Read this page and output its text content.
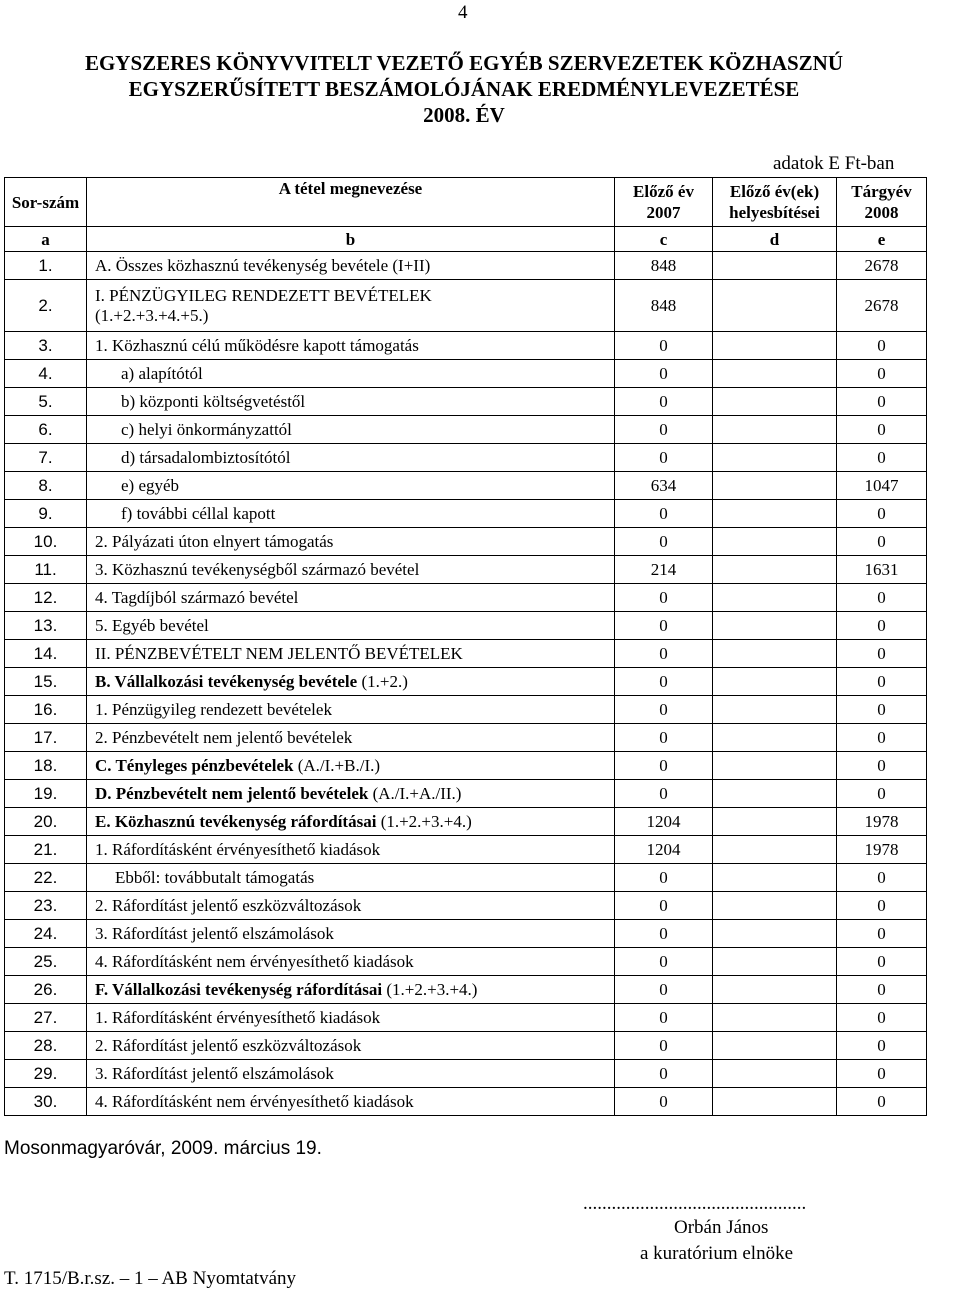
4
EGYSZERES KÖNYVVITELT VEZETŐ EGYÉB SZERVEZETEK KÖZHASZNÚ
EGYSZERŰSÍTETT BESZÁMOLÓJÁNAK EREDMÉNYLEVEZETÉSE
2008. ÉV
adatok E Ft-ban
Sor-szám	A tétel megnevezése	Előző év 2007	Előző év(ek) helyesbítései	Tárgyév 2008
a	b	c	d	e
1.	A. Összes közhasznú tevékenység bevétele (I+II)	848		2678
2.	I. PÉNZÜGYILEG RENDEZETT BEVÉTELEK (1.+2.+3.+4.+5.)	848		2678
3.	1. Közhasznú célú működésre kapott támogatás	0		0
4.	a) alapítótól	0		0
5.	b) központi költségvetéstől	0		0
6.	c) helyi önkormányzattól	0		0
7.	d) társadalombiztosítótól	0		0
8.	e) egyéb	634		1047
9.	f) további céllal kapott	0		0
10.	2. Pályázati úton elnyert támogatás	0		0
11.	3. Közhasznú tevékenységből származó bevétel	214		1631
12.	4. Tagdíjból származó bevétel	0		0
13.	5. Egyéb bevétel	0		0
14.	II. PÉNZBEVÉTELT NEM JELENTŐ BEVÉTELEK	0		0
15.	B. Vállalkozási tevékenység bevétele (1.+2.)	0		0
16.	1. Pénzügyileg rendezett bevételek	0		0
17.	2. Pénzbevételt nem jelentő bevételek	0		0
18.	C. Tényleges pénzbevételek (A./I.+B./I.)	0		0
19.	D. Pénzbevételt nem jelentő bevételek (A./I.+A./II.)	0		0
20.	E. Közhasznú tevékenység ráfordításai (1.+2.+3.+4.)	1204		1978
21.	1. Ráfordításként érvényesíthető kiadások	1204		1978
22.	Ebből: továbbutalt támogatás	0		0
23.	2. Ráfordítást jelentő eszközváltozások	0		0
24.	3. Ráfordítást jelentő elszámolások	0		0
25.	4. Ráfordításként nem érvényesíthető kiadások	0		0
26.	F. Vállalkozási tevékenység ráfordításai (1.+2.+3.+4.)	0		0
27.	1. Ráfordításként érvényesíthető kiadások	0		0
28.	2. Ráfordítást jelentő eszközváltozások	0		0
29.	3. Ráfordítást jelentő elszámolások	0		0
30.	4. Ráfordításként nem érvényesíthető kiadások	0		0
Mosonmagyaróvár, 2009. március 19.
...............................................
Orbán János
a kuratórium elnöke
T. 1715/B.r.sz. – 1 – AB Nyomtatvány
